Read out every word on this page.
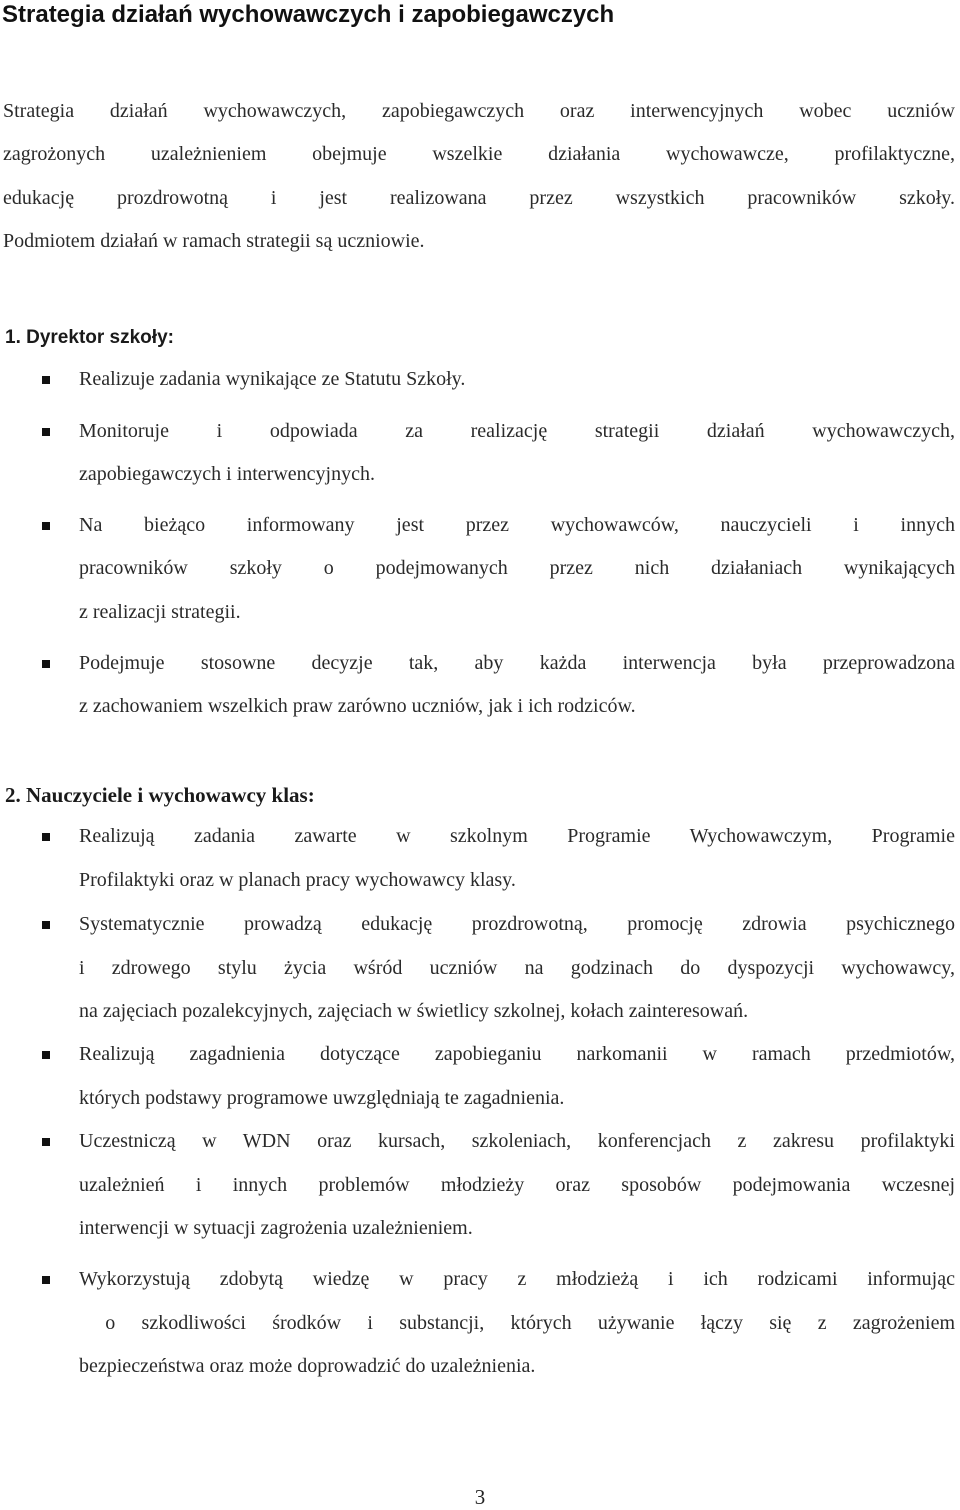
Strategia działań wychowawczych i zapobiegawczych
Strategia działań wychowawczych, zapobiegawczych oraz interwencyjnych wobec uczniów
zagrożonych uzależnieniem obejmuje wszelkie działania wychowawcze, profilaktyczne,
edukację prozdrowotną i jest realizowana przez wszystkich pracowników szkoły.
Podmiotem działań w ramach strategii są uczniowie.
1. Dyrektor szkoły:
Realizuje zadania wynikające ze Statutu Szkoły.
Monitoruje i odpowiada za realizację strategii działań wychowawczych,
zapobiegawczych i interwencyjnych.
Na bieżąco informowany jest przez wychowawców, nauczycieli i innych
pracowników szkoły o podejmowanych przez nich działaniach wynikających
z realizacji strategii.
Podejmuje stosowne decyzje tak, aby każda interwencja była przeprowadzona
z zachowaniem wszelkich praw zarówno uczniów, jak i ich rodziców.
2. Nauczyciele i wychowawcy klas:
Realizują zadania zawarte w szkolnym Programie Wychowawczym, Programie
Profilaktyki oraz w planach pracy wychowawcy klasy.
Systematycznie prowadzą edukację prozdrowotną, promocję zdrowia psychicznego
i zdrowego stylu życia wśród uczniów na godzinach do dyspozycji wychowawcy,
na zajęciach pozalekcyjnych, zajęciach w świetlicy szkolnej, kołach zainteresowań.
Realizują zagadnienia dotyczące zapobieganiu narkomanii w ramach przedmiotów,
których podstawy programowe uwzględniają te zagadnienia.
Uczestniczą w WDN oraz kursach, szkoleniach, konferencjach z zakresu profilaktyki
uzależnień i innych problemów młodzieży oraz sposobów podejmowania wczesnej
interwencji w sytuacji zagrożenia uzależnieniem.
Wykorzystują zdobytą wiedzę w pracy z młodzieżą i ich rodzicami informując
o szkodliwości środków i substancji, których używanie łączy się z zagrożeniem
bezpieczeństwa oraz może doprowadzić do uzależnienia.
3
